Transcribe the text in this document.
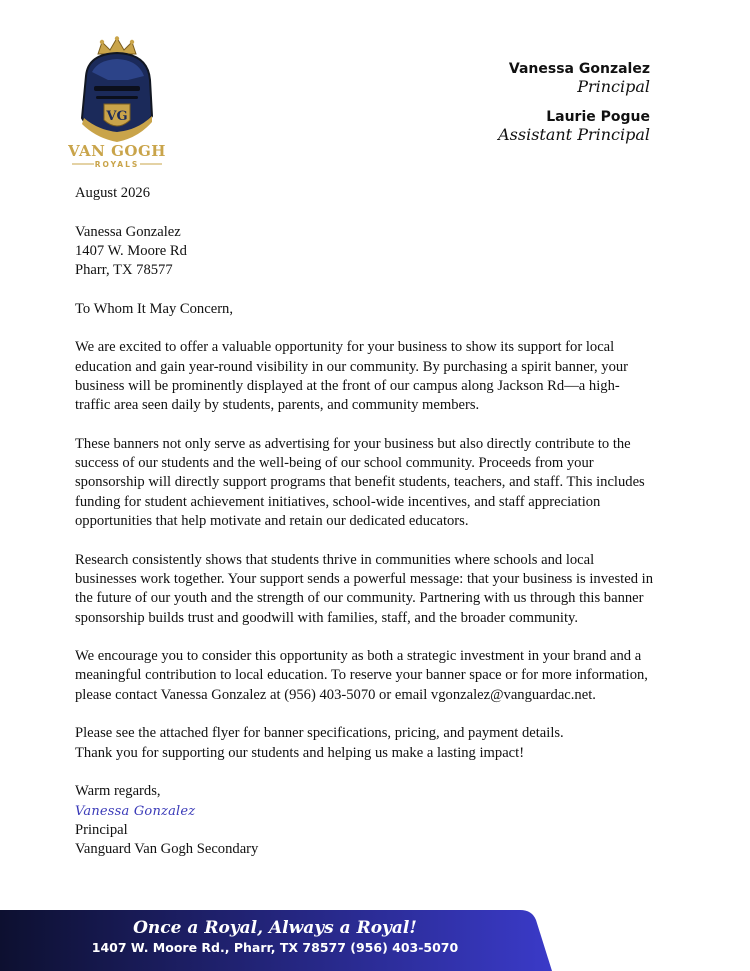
VG
VAN GOGH
ROYALS
Vanessa Gonzalez
Principal
Laurie Pogue
Assistant Principal

August 2026

Vanessa Gonzalez
1407 W. Moore Rd
Pharr, TX 78577

To Whom It May Concern,

We are excited to offer a valuable opportunity for your business to show its support for local education and gain year-round visibility in our community. By purchasing a spirit banner, your business will be prominently displayed at the front of our campus along Jackson Rd—a high-traffic area seen daily by students, parents, and community members.

These banners not only serve as advertising for your business but also directly contribute to the success of our students and the well-being of our school community. Proceeds from your sponsorship will directly support programs that benefit students, teachers, and staff. This includes funding for student achievement initiatives, school-wide incentives, and staff appreciation opportunities that help motivate and retain our dedicated educators.

Research consistently shows that students thrive in communities where schools and local businesses work together. Your support sends a powerful message: that your business is invested in the future of our youth and the strength of our community. Partnering with us through this banner sponsorship builds trust and goodwill with families, staff, and the broader community.

We encourage you to consider this opportunity as both a strategic investment in your brand and a meaningful contribution to local education. To reserve your banner space or for more information, please contact Vanessa Gonzalez at (956) 403-5070 or email vgonzalez@vanguardac.net.

Please see the attached flyer for banner specifications, pricing, and payment details.
Thank you for supporting our students and helping us make a lasting impact!

Warm regards,
Vanessa Gonzalez
Principal
Vanguard Van Gogh Secondary
Once a Royal, Always a Royal!
1407 W. Moore Rd., Pharr, TX 78577 (956) 403-5070
